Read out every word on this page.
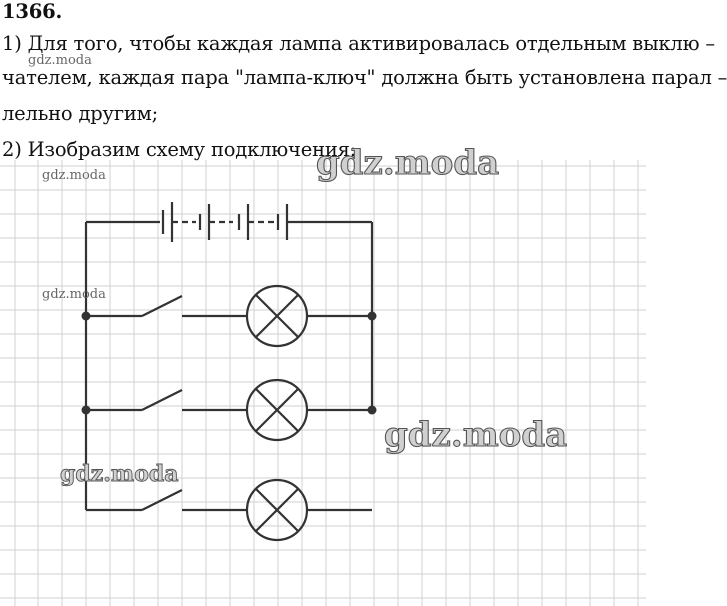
1366.
1) Для того, чтобы каждая лампа активировалась отдельным выклю –
чателем, каждая пара "лампа-ключ" должна быть установлена парал –
лельно другим;
2) Изобразим схему подключения:
gdz.moda
gdz.moda
gdz.moda
gdz.moda
gdz.moda
gdz.moda
